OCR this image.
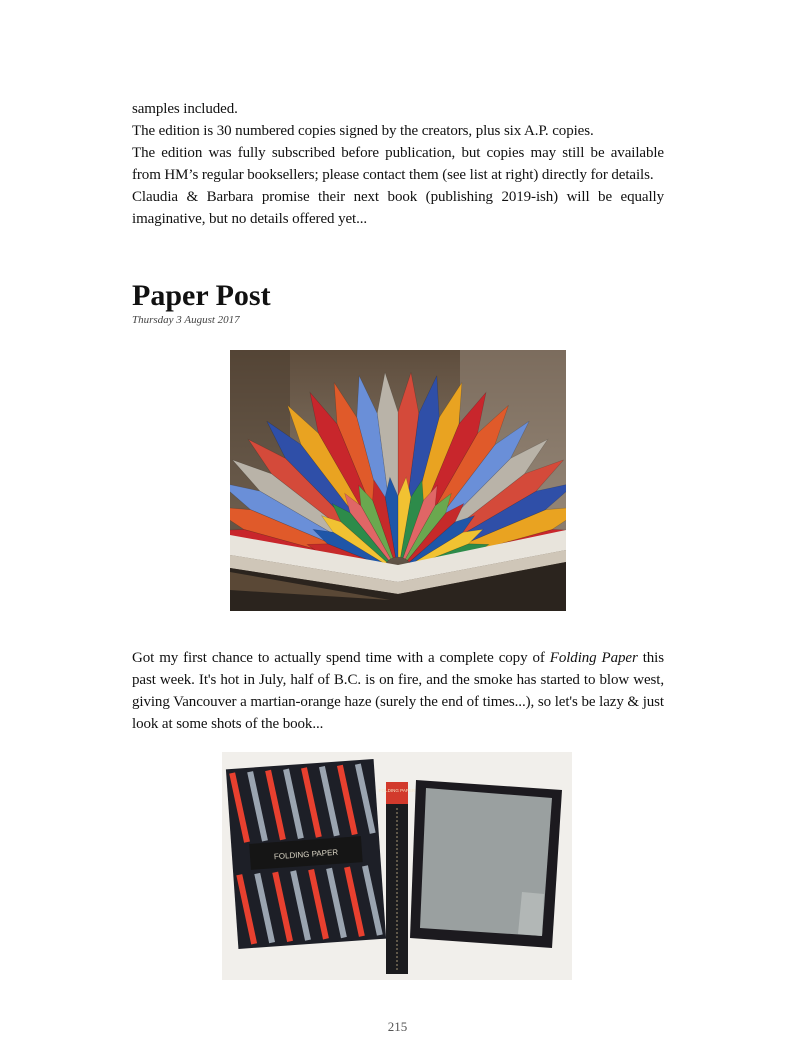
samples included.

The edition is 30 numbered copies signed by the creators, plus six A.P. copies.

The edition was fully subscribed before publication, but copies may still be available from HM’s regular booksellers; please contact them (see list at right) directly for details.

Claudia & Barbara promise their next book (publishing 2019-ish) will be equally imaginative, but no details offered yet...

Paper Post
Thursday 3 August 2017

Got my first chance to actually spend time with a complete copy of Folding Paper this past week. It's hot in July, half of B.C. is on fire, and the smoke has started to blow west, giving Vancouver a martian-orange haze (surely the end of times...), so let's be lazy & just look at some shots of the book...

FOLDING PAPER
FOLDING PAPER
215
